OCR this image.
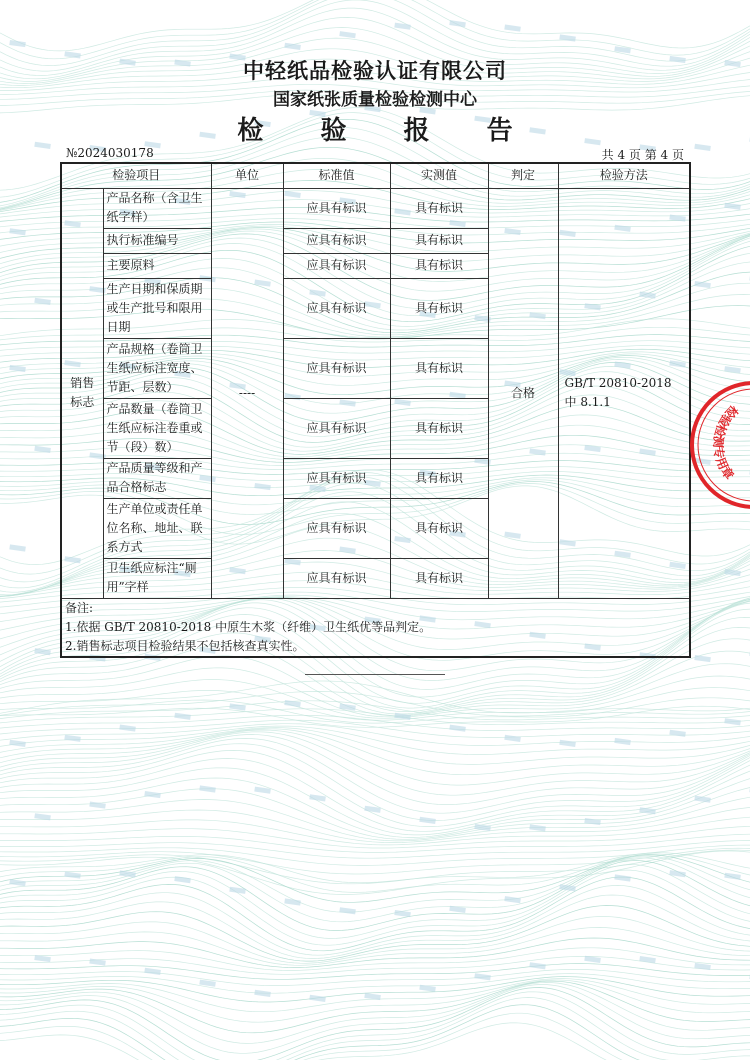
中轻纸品检验认证有限公司
国家纸张质量检验检测中心
检 验 报 告
№2024030178	共 4 页 第 4 页
检验项目		单位	标准值	实测值	判定	检验方法
销售标志	产品名称（含卫生纸字样）	----	应具有标识	具有标识	合格	GB/T 20810-2018 中 8.1.1
	执行标准编号		应具有标识	具有标识		
	主要原料		应具有标识	具有标识		
	生产日期和保质期或生产批号和限用日期		应具有标识	具有标识		
	产品规格（卷筒卫生纸应标注宽度、节距、层数）		应具有标识	具有标识		
	产品数量（卷筒卫生纸应标注卷重或节（段）数）		应具有标识	具有标识		
	产品质量等级和产品合格标志		应具有标识	具有标识		
	生产单位或责任单位名称、地址、联系方式		应具有标识	具有标识		
	卫生纸应标注“厕用”字样		应具有标识	具有标识		

备注:
1.依据 GB/T 20810-2018 中原生木浆（纤维）卫生纸优等品判定。
2.销售标志项目检验结果不包括核查真实性。						
检验检测专用章
